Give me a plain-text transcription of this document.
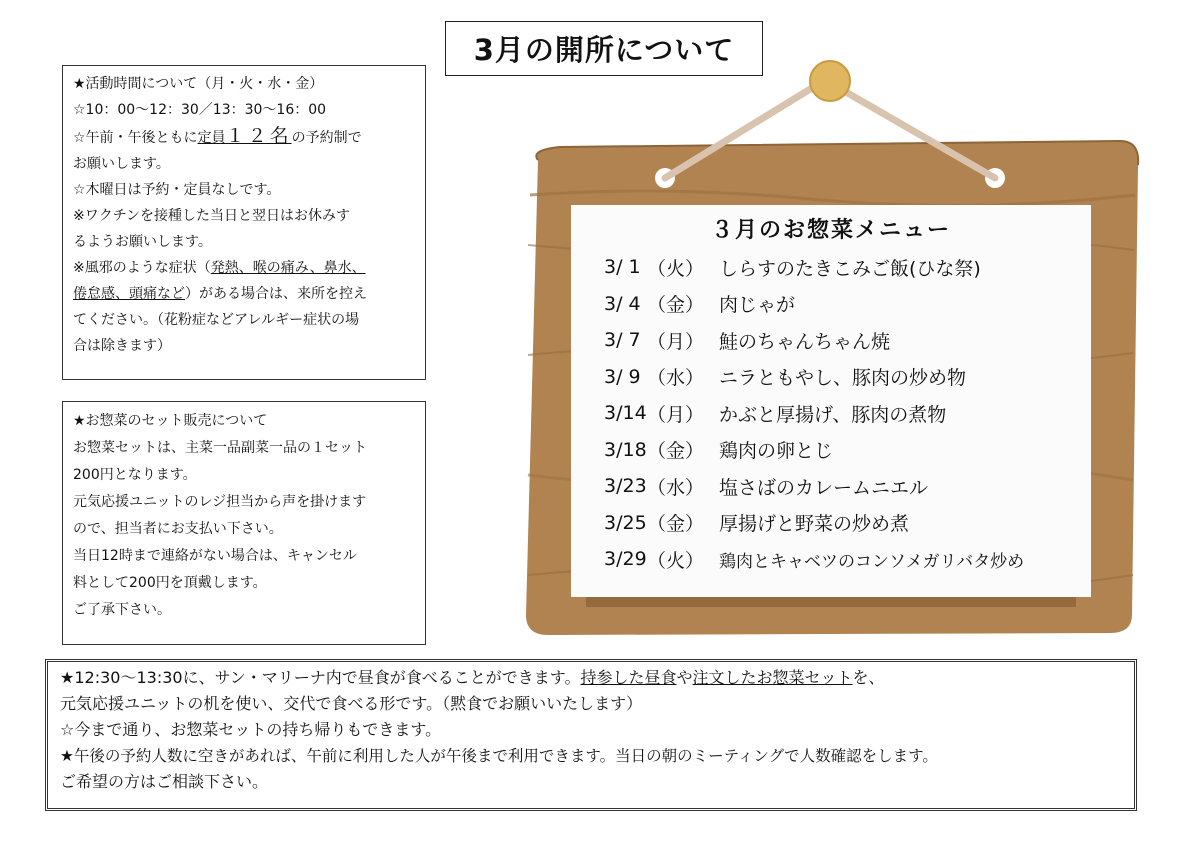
3月の開所について
★活動時間について（月・火・水・金）
☆10：00～12：30／13：30～16：00
☆午前・午後ともに定員１２名の予約制で
お願いします。
☆木曜日は予約・定員なしです。
※ワクチンを接種した当日と翌日はお休みす
るようお願いします。
※風邪のような症状（発熱、喉の痛み、鼻水、
倦怠感、頭痛など）がある場合は、来所を控え
てください。（花粉症などアレルギー症状の場
合は除きます）
★お惣菜のセット販売について
お惣菜セットは、主菜一品副菜一品の１セット
200円となります。
元気応援ユニットのレジ担当から声を掛けます
ので、担当者にお支払い下さい。
当日12時まで連絡がない場合は、キャンセル
料として200円を頂戴します。
ご了承下さい。
３月のお惣菜メニュー
3/ 1 （火） しらすのたきこみご飯(ひな祭)
3/ 4 （金） 肉じゃが
3/ 7 （月） 鮭のちゃんちゃん焼
3/ 9 （水） ニラともやし、豚肉の炒め物
3/14 （月） かぶと厚揚げ、豚肉の煮物
3/18 （金） 鶏肉の卵とじ
3/23 （水） 塩さばのカレームニエル
3/25 （金） 厚揚げと野菜の炒め煮
3/29 （火） 鶏肉とキャベツのコンソメガリバタ炒め
★12:30～13:30に、サン・マリーナ内で昼食が食べることができます。持参した昼食や注文したお惣菜セットを、
元気応援ユニットの机を使い、交代で食べる形です。（黙食でお願いいたします）
☆今まで通り、お惣菜セットの持ち帰りもできます。
★午後の予約人数に空きがあれば、午前に利用した人が午後まで利用できます。当日の朝のミーティングで人数確認をします。
ご希望の方はご相談下さい。
